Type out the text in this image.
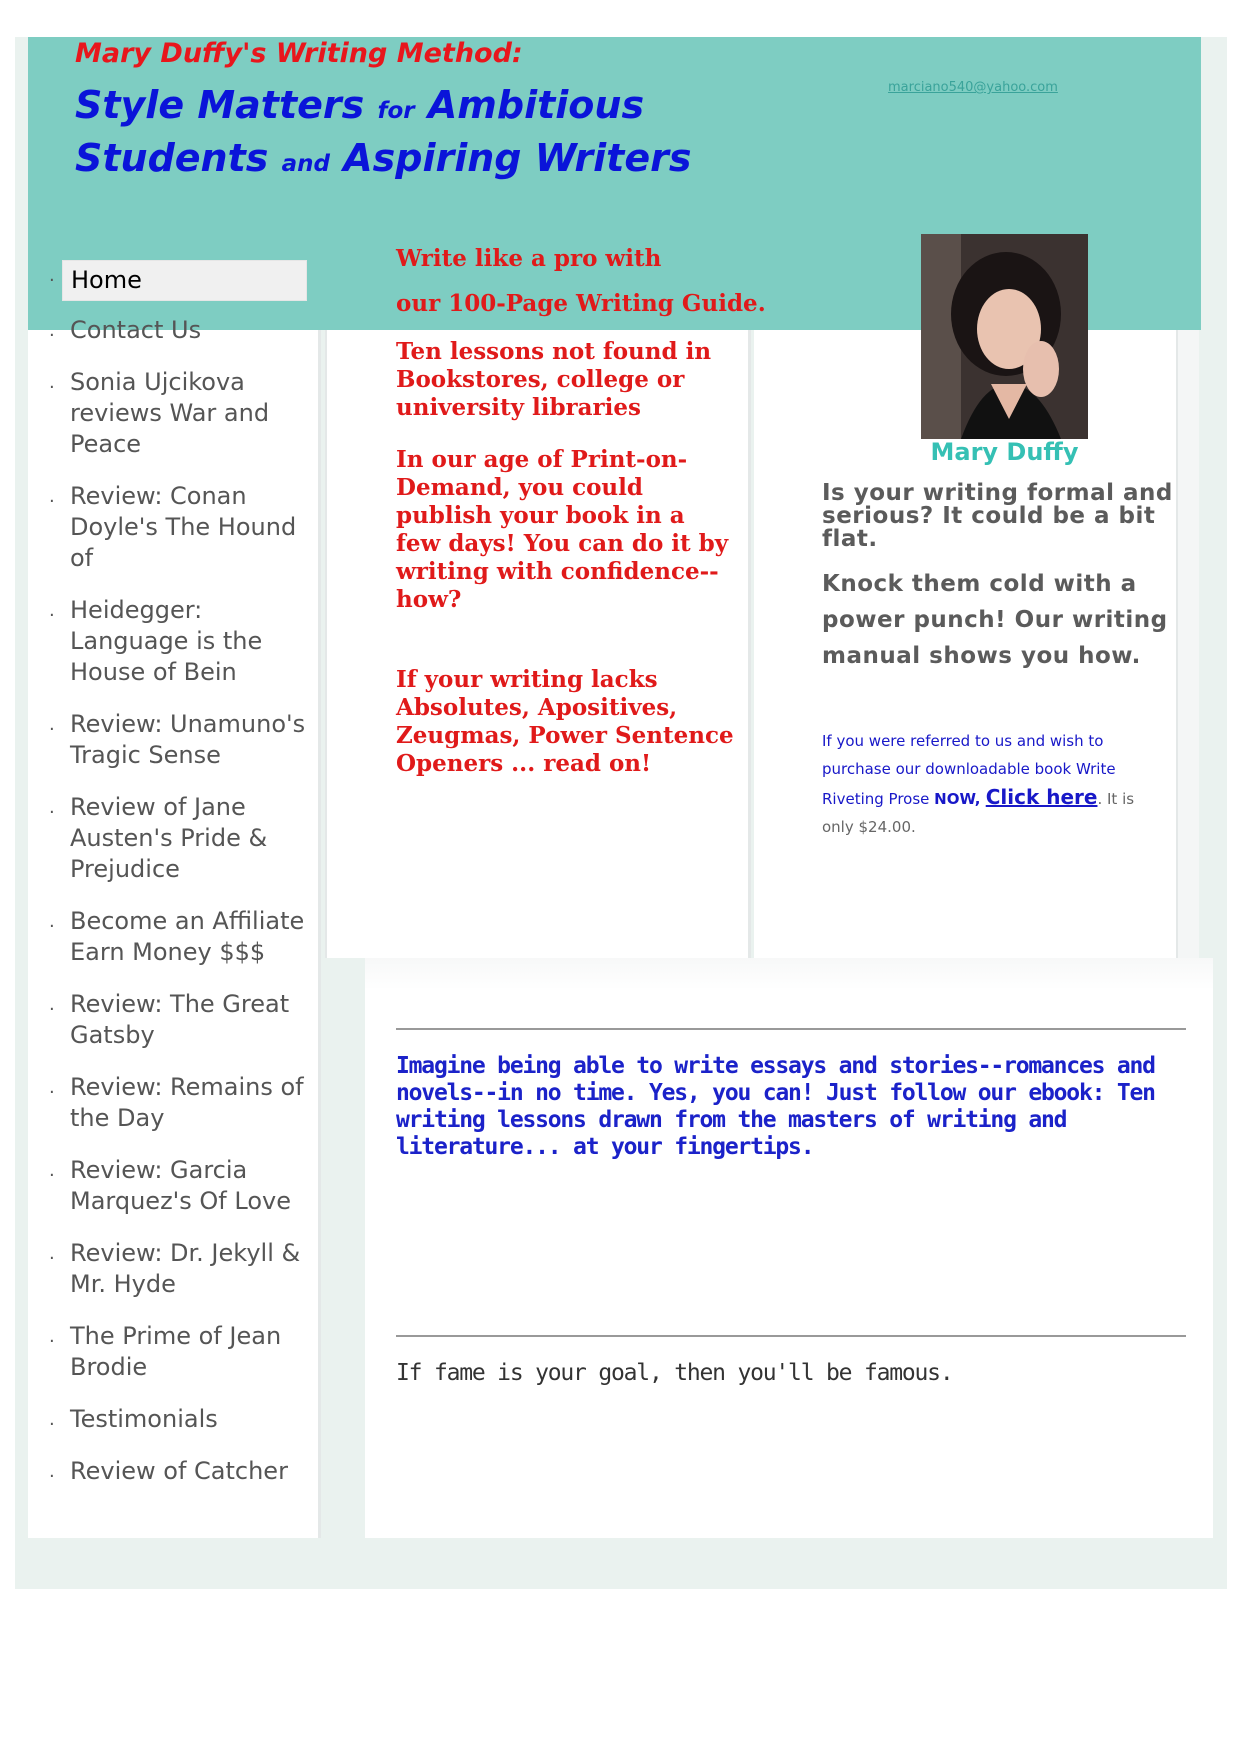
Mary Duffy's Writing Method:

Style Matters for Ambitious
Students and Aspiring Writers
marciano540@yahoo.com
. Home
. Contact Us
. Sonia Ujcikova reviews War and Peace
. Review: Conan Doyle's The Hound of
. Heidegger: Language is the House of Bein
. Review: Unamuno's Tragic Sense
. Review of Jane Austen's Pride & Prejudice
. Become an Affiliate Earn Money $$$
. Review: The Great Gatsby
. Review: Remains of the Day
. Review: Garcia Marquez's Of Love
. Review: Dr. Jekyll & Mr. Hyde
. The Prime of Jean Brodie
. Testimonials
. Review of Catcher

Write like a pro with
our 100-Page Writing Guide.

Ten lessons not found in Bookstores, college or university libraries

In our age of Print-on-Demand, you could publish your book in a few days! You can do it by writing with confidence--how?

If your writing lacks Absolutes, Apositives, Zeugmas, Power Sentence Openers ... read on!

Mary Duffy

Is your writing formal and serious? It could be a bit flat.

Knock them cold with a power punch! Our writing manual shows you how.

If you were referred to us and wish to purchase our downloadable book Write Riveting Prose NOW, Click here. It is only $24.00.

Imagine being able to write essays and stories--romances and novels--in no time. Yes, you can! Just follow our ebook: Ten writing lessons drawn from the masters of writing and literature... at your fingertips.

If fame is your goal, then you'll be famous.
